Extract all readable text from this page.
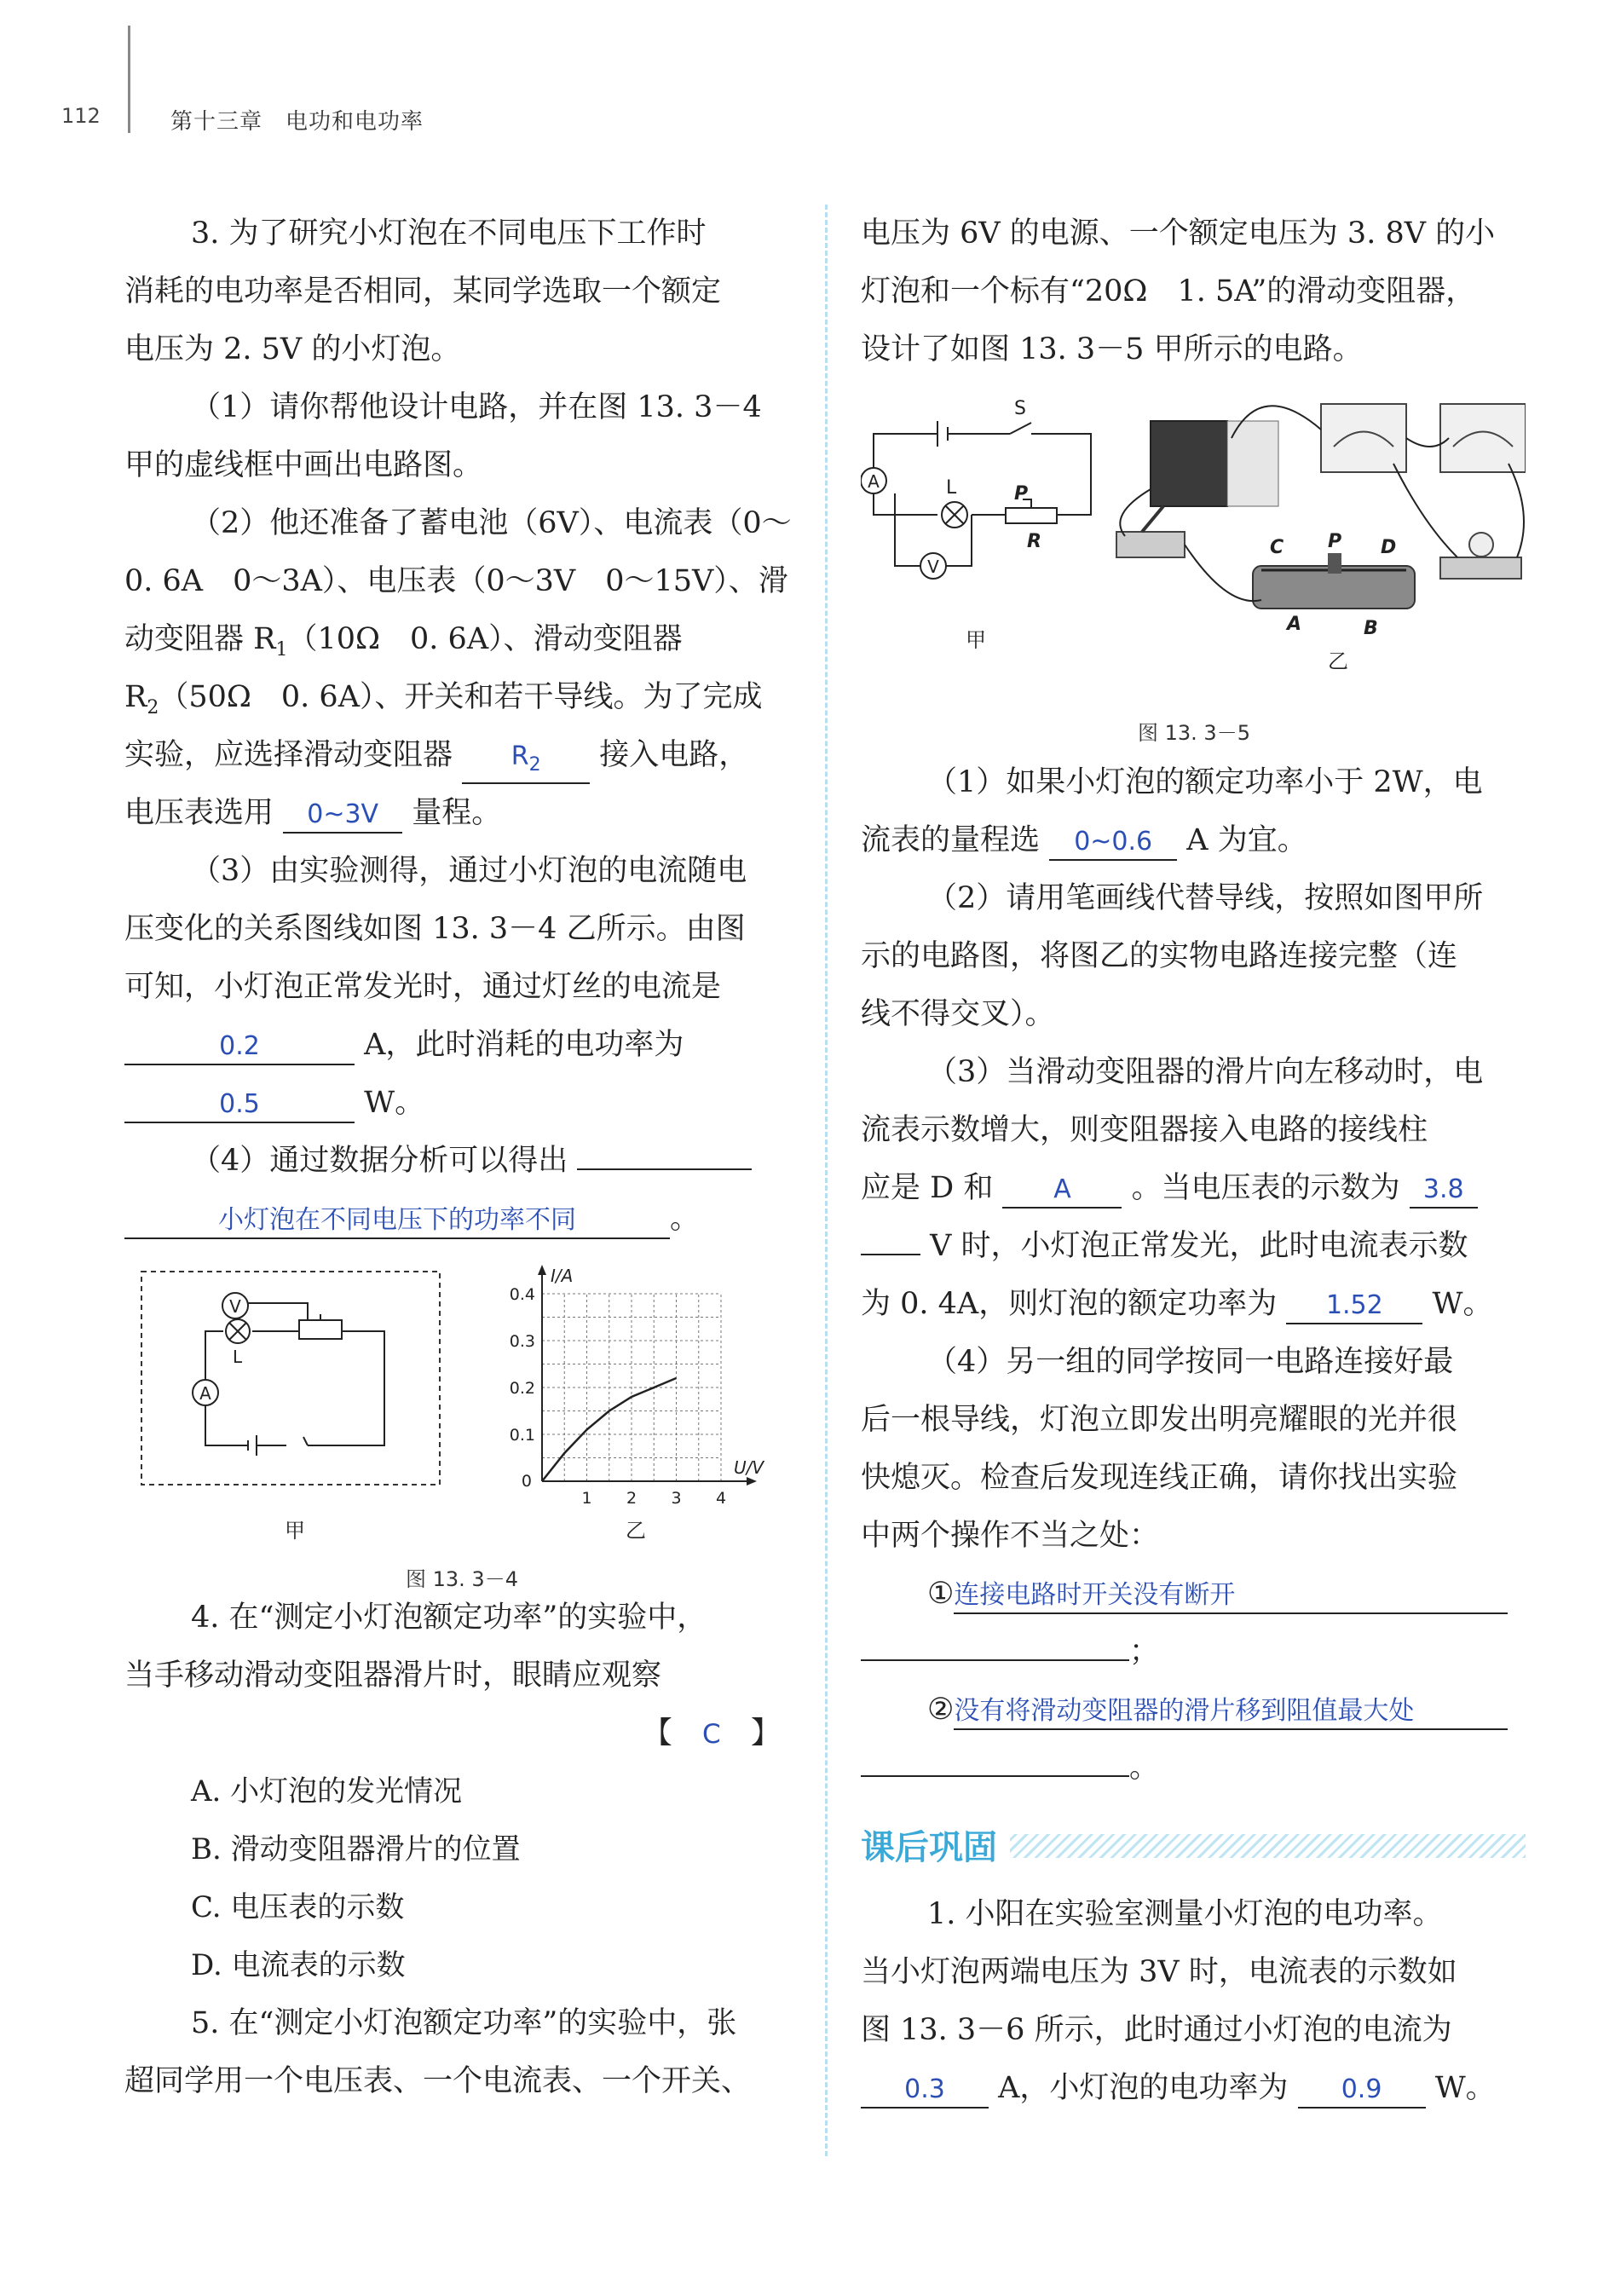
112	第十三章　电功和电功率
3. 为了研究小灯泡在不同电压下工作时
消耗的电功率是否相同，某同学选取一个额定
电压为 2. 5V 的小灯泡。
（1）请你帮他设计电路，并在图 13. 3－4
甲的虚线框中画出电路图。
（2）他还准备了蓄电池（6V）、电流表（0～
0. 6A　0～3A）、电压表（0～3V　0～15V）、滑
动变阻器 $R_1(10\Omega$　0. 6A）、滑动变阻器
$R_2(50\Omega$　0. 6A）、开关和若干导线。为了完成
实验，应选择滑动变阻器 $R_2$ 接入电路，
电压表选用 0~3V 量程。
（3）由实验测得，通过小灯泡的电流随电
压变化的关系图线如图 13. 3－4 乙所示。由图
可知，小灯泡正常发光时，通过灯丝的电流是
0.2	A，此时消耗的电功率为
0.5	W。
（4）通过数据分析可以得出
小灯泡在不同电压下的功率不同	。
V
L
A
甲
I/A
U/V
0
1 2 3 4
0.1
0.2
0.3
0.4
乙
图 13. 3－4
4. 在“测定小灯泡额定功率”的实验中，
当手移动滑动变阻器滑片时，眼睛应观察
【 C 】
A. 小灯泡的发光情况
B. 滑动变阻器滑片的位置
C. 电压表的示数
D. 电流表的示数
5. 在“测定小灯泡额定功率”的实验中，张
超同学用一个电压表、一个电流表、一个开关、
电压为 6V 的电源、一个额定电压为 3. 8V 的小
灯泡和一个标有“20Ω　1. 5A”的滑动变阻器，
设计了如图 13. 3－5 甲所示的电路。
A
V
S
L	P
R
甲
C P D
A	B
乙
图 13. 3－5
（1）如果小灯泡的额定功率小于 2W，电
流表的量程选 0~0.6 A 为宜。
（2）请用笔画线代替导线，按照如图甲所
示的电路图，将图乙的实物电路连接完整（连
线不得交叉）。
（3）当滑动变阻器的滑片向左移动时，电
流表示数增大，则变阻器接入电路的接线柱
应是 D 和 A 。当电压表的示数为 3.8
V 时，小灯泡正常发光，此时电流表示数
为 0. 4A，则灯泡的额定功率为 1.52 W。
（4）另一组的同学按同一电路连接好最
后一根导线，灯泡立即发出明亮耀眼的光并很
快熄灭。检查后发现连线正确，请你找出实验
中两个操作不当之处：
①连接电路时开关没有断开
；
②没有将滑动变阻器的滑片移到阻值最大处
。
课后巩固
1. 小阳在实验室测量小灯泡的电功率。
当小灯泡两端电压为 3V 时，电流表的示数如
图 13. 3－6 所示，此时通过小灯泡的电流为
0.3 A，小灯泡的电功率为 0.9 W。
